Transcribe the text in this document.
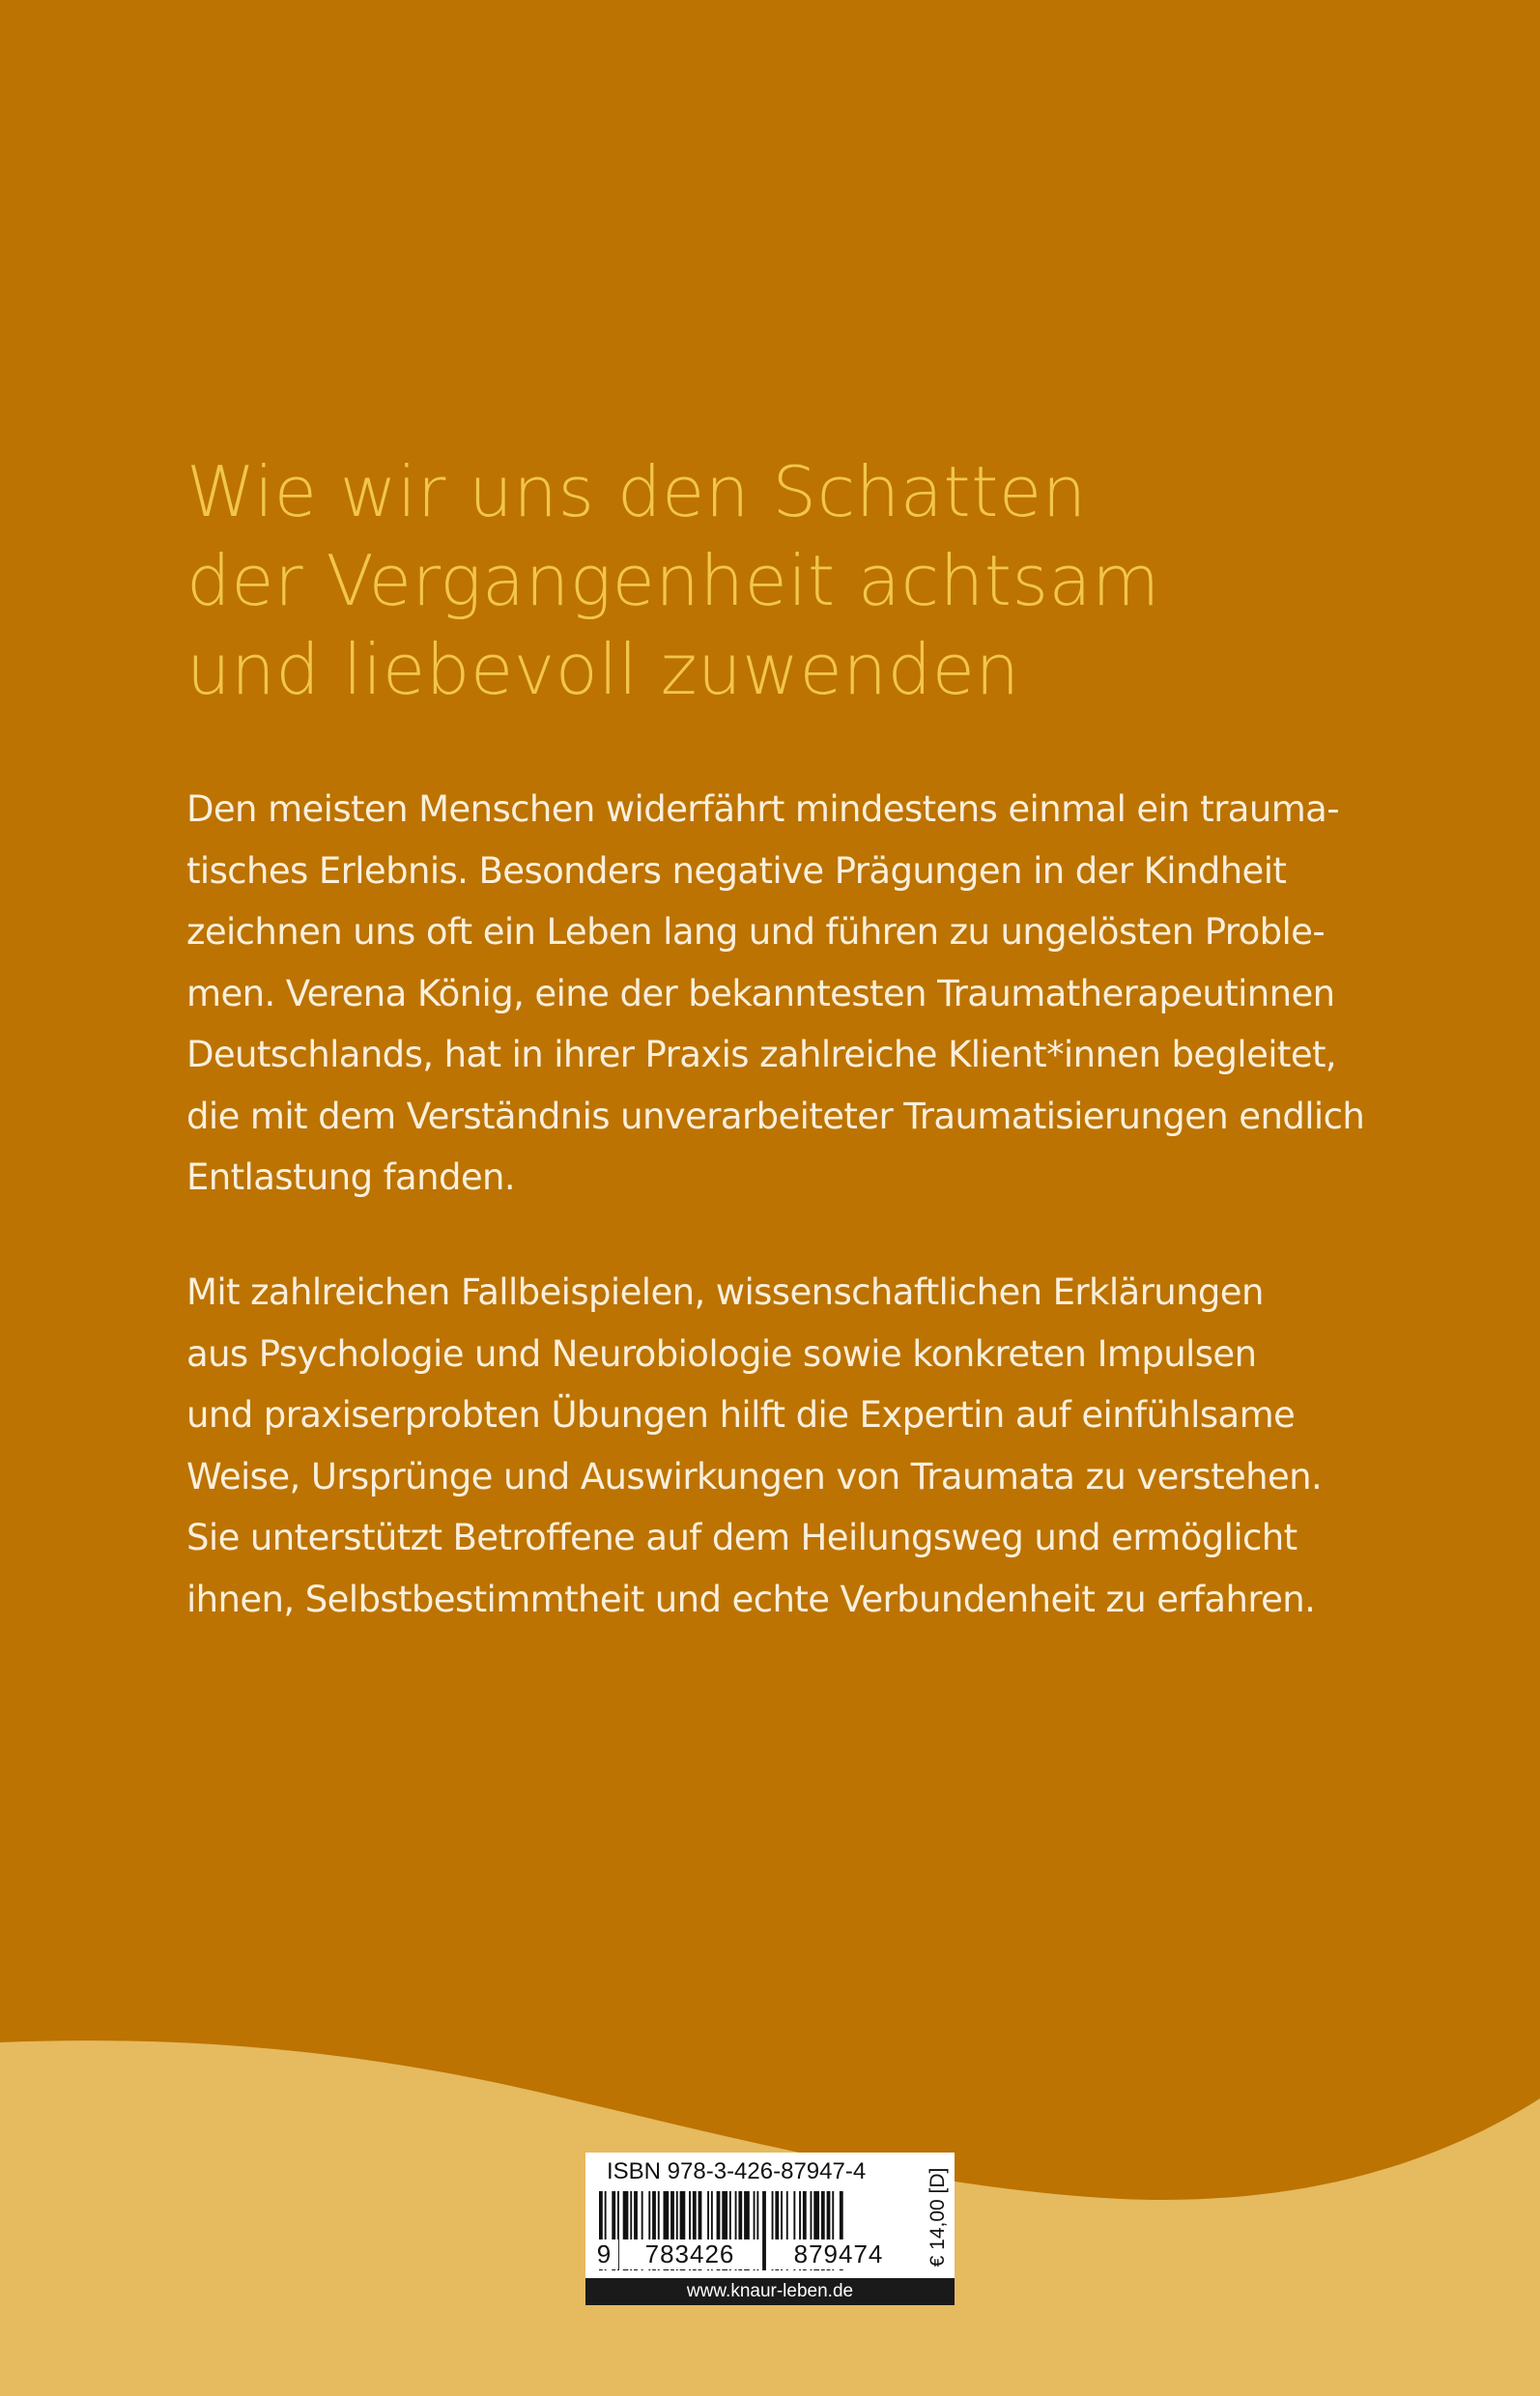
Wie wir uns den Schatten
der Vergangenheit achtsam
und liebevoll zuwenden

Den meisten Menschen widerfährt mindestens einmal ein trauma-
tisches Erlebnis. Besonders negative Prägungen in der Kindheit
zeichnen uns oft ein Leben lang und führen zu ungelösten Proble-
men. Verena König, eine der bekanntesten Traumatherapeutinnen
Deutschlands, hat in ihrer Praxis zahlreiche Klient*innen begleitet,
die mit dem Verständnis unverarbeiteter Traumatisierungen endlich
Entlastung fanden.

Mit zahlreichen Fallbeispielen, wissenschaftlichen Erklärungen
aus Psychologie und Neurobiologie sowie konkreten Impulsen
und praxiserprobten Übungen hilft die Expertin auf einfühlsame
Weise, Ursprünge und Auswirkungen von Traumata zu verstehen.
Sie unterstützt Betroffene auf dem Heilungsweg und ermöglicht
ihnen, Selbstbestimmtheit und echte Verbundenheit zu erfahren.

ISBN 978-3-426-87947-4
9	783426	879474	€ 14,00 [D]
www.knaur-leben.de
